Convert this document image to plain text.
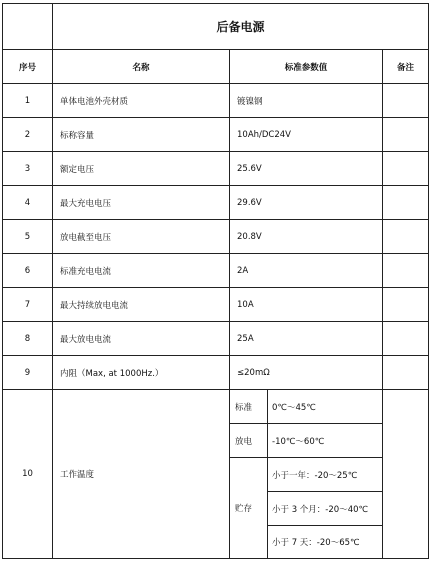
	后备电源			
序号	名称	标准参数值		备注
1	单体电池外壳材质	镀镍钢		
2	标称容量	10Ah/DC24V		
3	额定电压	25.6V		
4	最大充电电压	29.6V		
5	放电截至电压	20.8V		
6	标准充电电流	2A		
7	最大持续放电电流	10A		
8	最大放电电流	25A		
9	内阻（Max, at 1000Hz.）	≤20mΩ		
10	工作温度	标准	0℃～45℃	
		放电	-10℃～60℃	
		贮存	小于一年：-20～25℃	
			小于 3 个月：-20～40℃	
			小于 7 天：-20～65℃	
